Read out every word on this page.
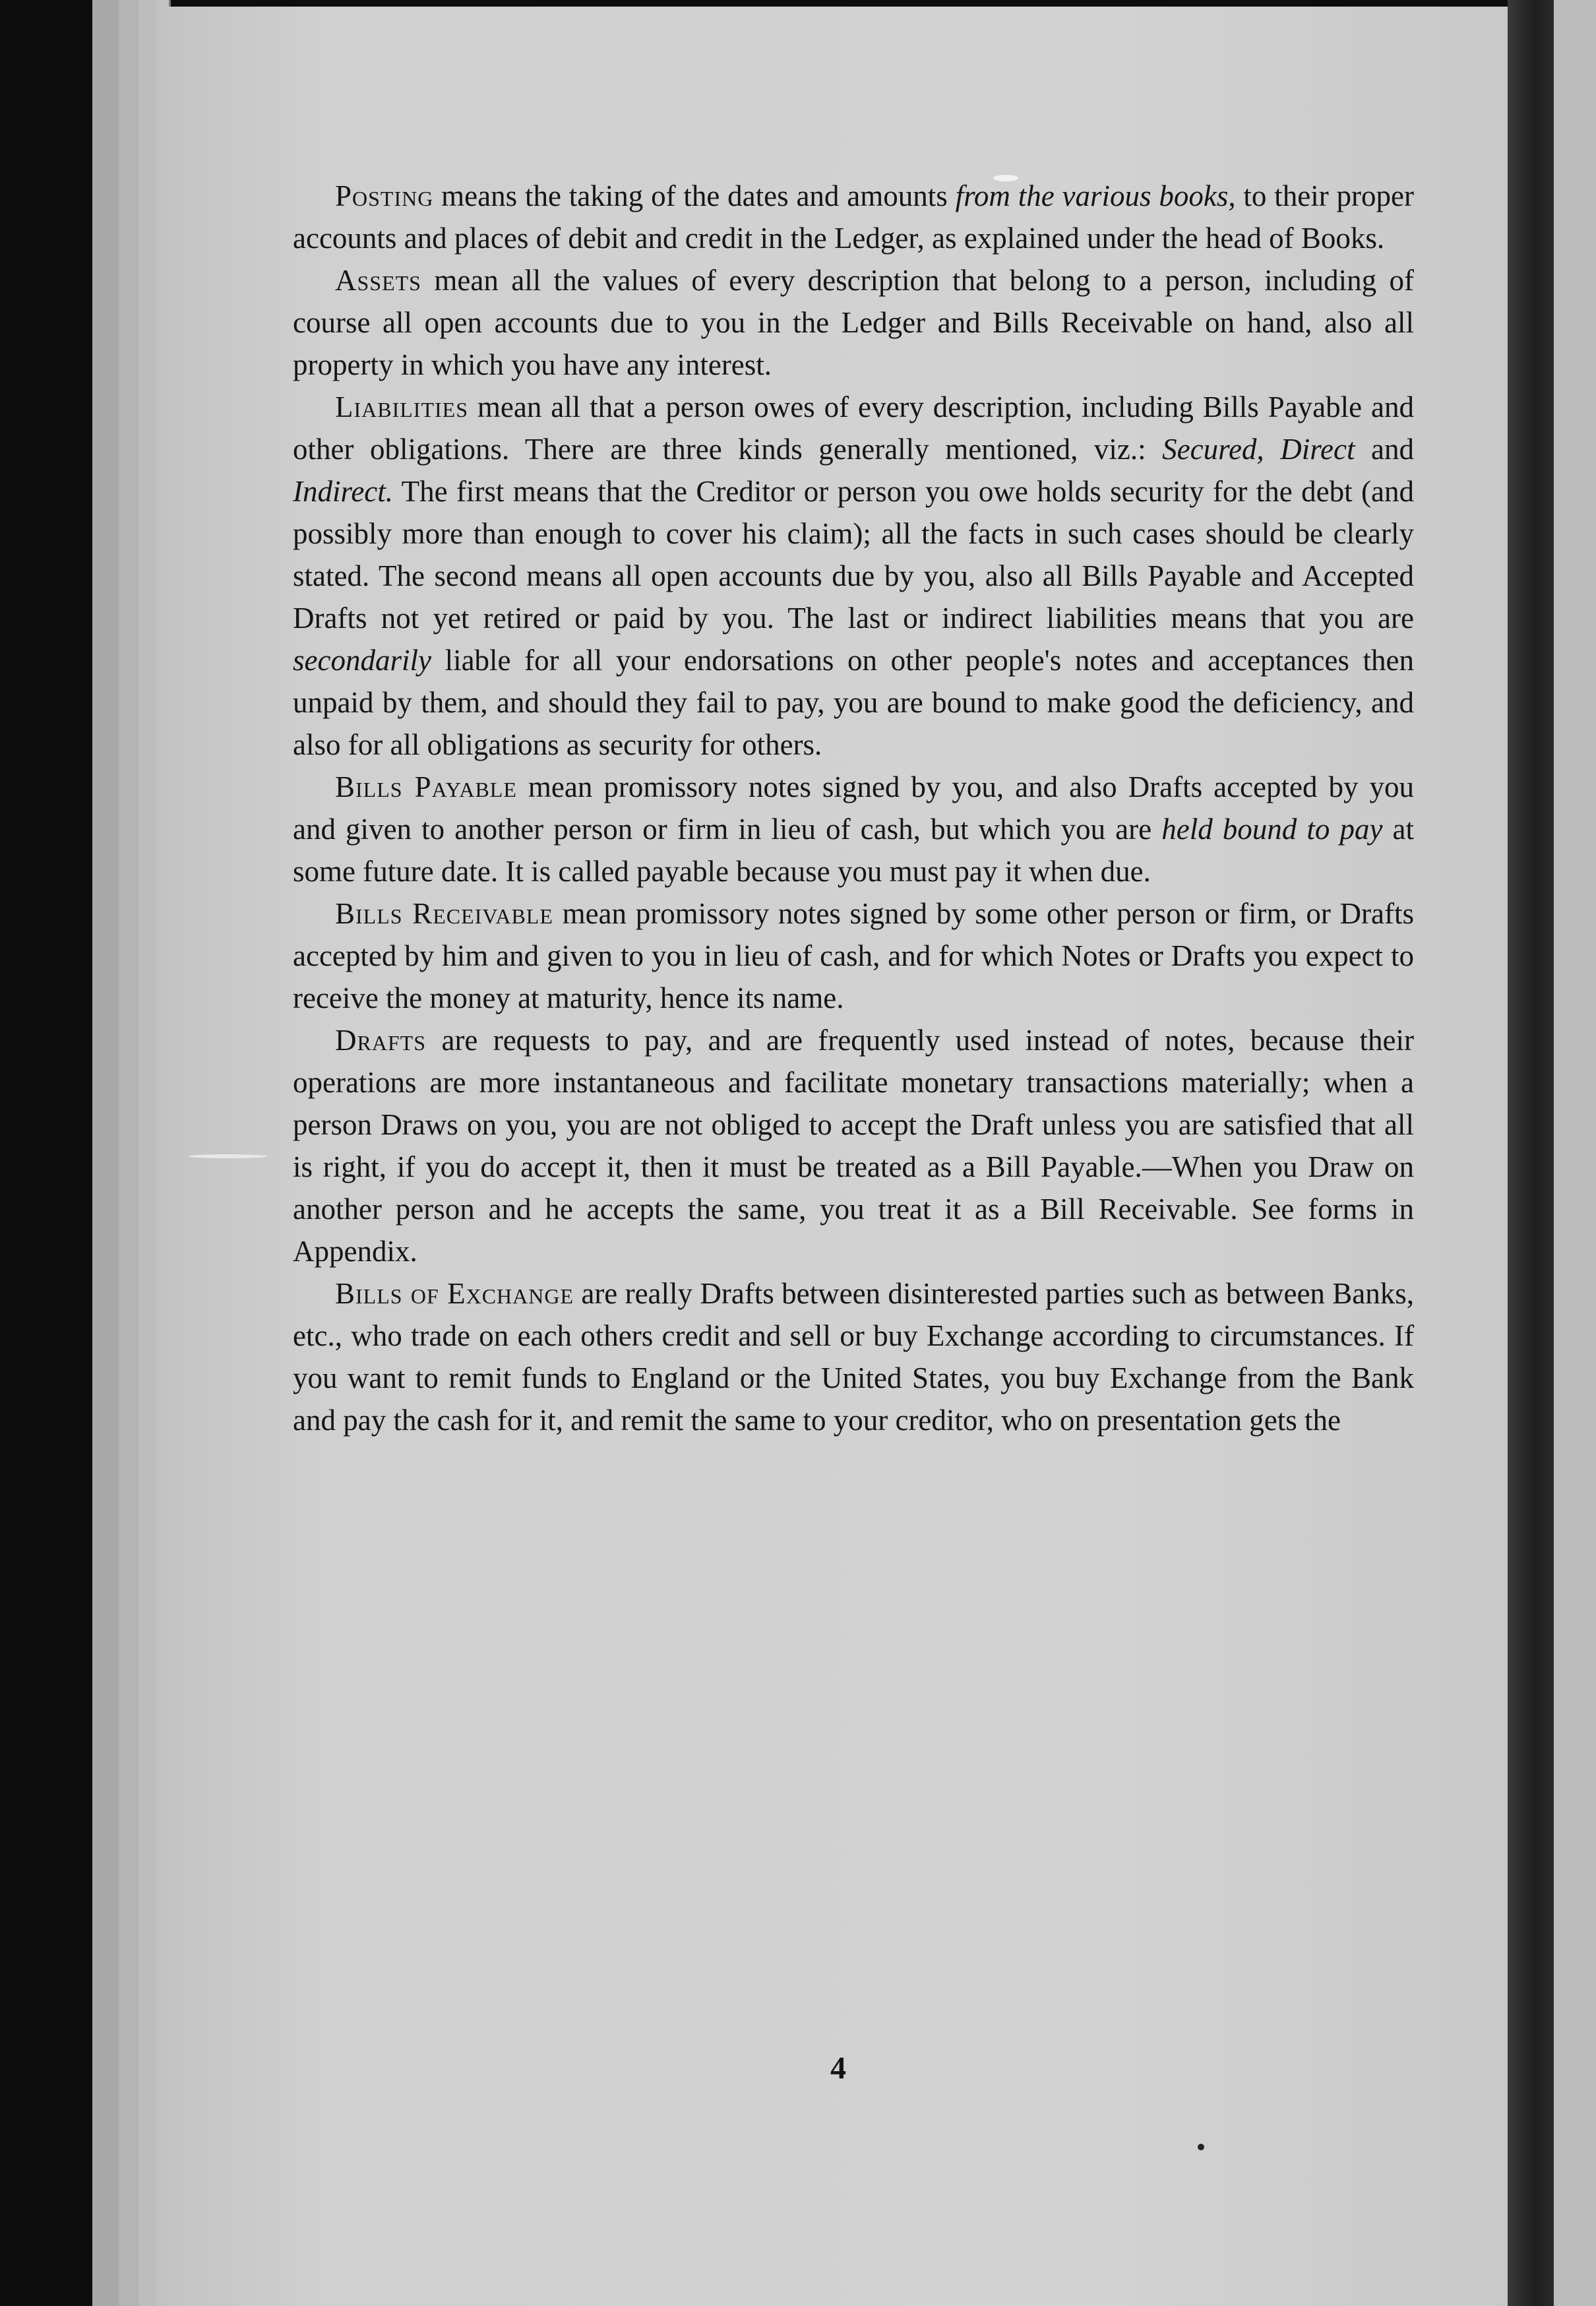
4

Posting means the taking of the dates and amounts from the various books, to their proper accounts and places of debit and credit in the Ledger, as explained under the head of Books.

Assets mean all the values of every description that belong to a person, including of course all open accounts due to you in the Ledger and Bills Receivable on hand, also all property in which you have any interest.

Liabilities mean all that a person owes of every description, including Bills Payable and other obligations. There are three kinds generally mentioned, viz.: Secured, Direct and Indirect. The first means that the Creditor or person you owe holds security for the debt (and possibly more than enough to cover his claim); all the facts in such cases should be clearly stated. The second means all open accounts due by you, also all Bills Payable and Accepted Drafts not yet retired or paid by you. The last or indirect liabilities means that you are secondarily liable for all your endorsations on other people's notes and acceptances then unpaid by them, and should they fail to pay, you are bound to make good the deficiency, and also for all obligations as security for others.

Bills Payable mean promissory notes signed by you, and also Drafts accepted by you and given to another person or firm in lieu of cash, but which you are held bound to pay at some future date. It is called payable because you must pay it when due.

Bills Receivable mean promissory notes signed by some other person or firm, or Drafts accepted by him and given to you in lieu of cash, and for which Notes or Drafts you expect to receive the money at maturity, hence its name.

Drafts are requests to pay, and are frequently used instead of notes, because their operations are more instantaneous and facilitate monetary transactions materially; when a person Draws on you, you are not obliged to accept the Draft unless you are satisfied that all is right, if you do accept it, then it must be treated as a Bill Payable.—When you Draw on another person and he accepts the same, you treat it as a Bill Receivable. See forms in Appendix.

Bills of Exchange are really Drafts between disinterested parties such as between Banks, etc., who trade on each others credit and sell or buy Exchange according to circumstances. If you want to remit funds to England or the United States, you buy Exchange from the Bank and pay the cash for it, and remit the same to your creditor, who on presentation gets the
